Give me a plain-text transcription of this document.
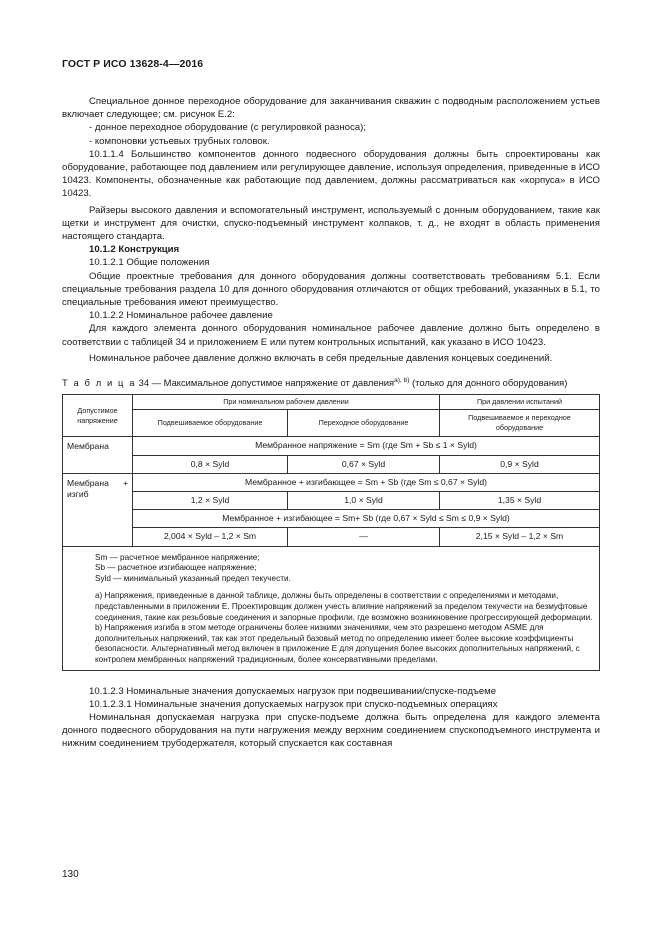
ГОСТ Р ИСО 13628-4—2016

Специальное донное переходное оборудование для заканчивания скважин с подводным расположением устьев включает следующее; см. рисунок Е.2:

- донное переходное оборудование (с регулировкой разноса);

- компоновки устьевых трубных головок.

10.1.1.4 Большинство компонентов донного подвесного оборудования должны быть спроектированы как оборудование, работающее под давлением или регулирующее давление, используя определения, приведенные в ИСО 10423. Компоненты, обозначенные как работающие под давлением, должны рассматриваться как «корпуса» в ИСО 10423.

Райзеры высокого давления и вспомогательный инструмент, используемый с донным оборудованием, такие как щетки и инструмент для очистки, спуско-подъемный инструмент колпаков, т. д., не входят в область применения настоящего стандарта.

10.1.2 Конструкция

10.1.2.1 Общие положения

Общие проектные требования для донного оборудования должны соответствовать требованиям 5.1. Если специальные требования раздела 10 для донного оборудования отличаются от общих требований, указанных в 5.1, то специальные требования имеют преимущество.

10.1.2.2 Номинальное рабочее давление

Для каждого элемента донного оборудования номинальное рабочее давление должно быть определено в соответствии с таблицей 34 и приложением Е или путем контрольных испытаний, как указано в ИСО 10423.

Номинальное рабочее давление должно включать в себя предельные давления концевых соединений.

Т а б л и ц а 34 — Максимальное допустимое напряжение от давления$^{a), b)}$ (только для донного оборудования)

Допустимое напряжение	При номинальном рабочем давлении		При давлении испытаний
	Подвешиваемое оборудование	Переходное оборудование	Подвешиваемое и переходное оборудование
Мембрана	Мембранное напряжение = Sm (где Sm + Sb ≤ 1 × Syld)		
	0,8 × Syld	0,67 × Syld	0,9 × Syld
Мембрана + изгиб	Мембранное + изгибающее = Sm + Sb (где Sm ≤ 0,67 × Syld)		
	1,2 × Syld	1,0 × Syld	1,35 × Syld
	Мембранное + изгибающее = Sm+ Sb (где 0,67 × Syld ≤ Sm ≤ 0,9 × Syld)		
	2,004 × Syld – 1,2 × Sm	—	2,15 × Syld – 1,2 × Sm

Sm — расчетное мембранное напряжение;

Sb — расчетное изгибающее напряжение;

Syld — минимальный указанный предел текучести.

a) Напряжения, приведенные в данной таблице, должны быть определены в соответствии с определениями и методами, представленными в приложении Е. Проектировщик должен учесть влияние напряжений за пределом текучести на безмуфтовые соединения, такие как резьбовые соединения и запорные профили, где возможно возникновение прогрессирующей деформации.

b) Напряжения изгиба в этом методе ограничены более низкими значениями, чем это разрешено методом ASME для дополнительных напряжений, так как этот предельный базовый метод по определению имеет более высокие коэффициенты безопасности. Альтернативный метод включен в приложение Е для допущения более высоких дополнительных напряжений, с контролем мембранных напряжений традиционным, более консервативными пределами.			

10.1.2.3 Номинальные значения допускаемых нагрузок при подвешивании/спуске-подъеме

10.1.2.3.1 Номинальные значения допускаемых нагрузок при спуско-подъемных операциях

Номинальная допускаемая нагрузка при спуске-подъеме должна быть определена для каждого элемента донного подвесного оборудования на пути нагружения между верхним соединением спускоподъемного инструмента и нижним соединением трубодержателя, который спускается как составная

130
